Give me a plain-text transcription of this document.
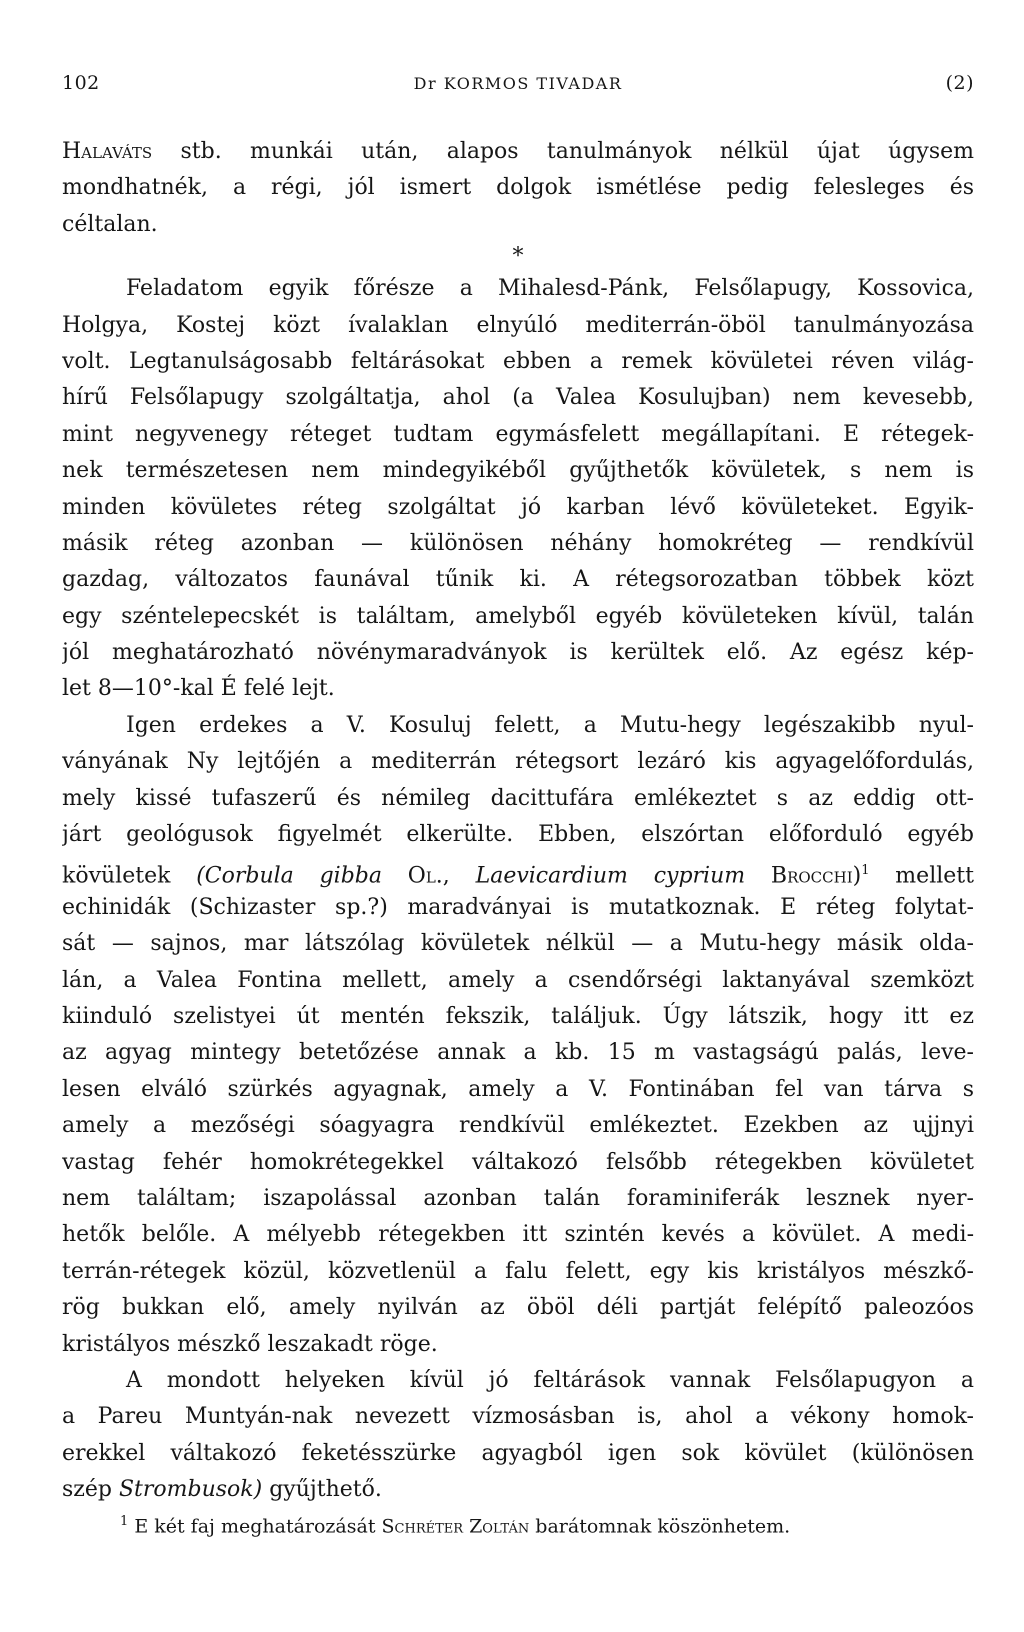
102	Dr KORMOS TIVADAR	(2)
Halaváts stb. munkái után, alapos tanulmányok nélkül újat úgysem
mondhatnék, a régi, jól ismert dolgok ismétlése pedig felesleges és
céltalan.
*
Feladatom egyik főrésze a Mihalesd-Pánk, Felsőlapugy, Kossovica,
Holgya, Kostej közt ívalaklan elnyúló mediterrán-öböl tanulmányozása
volt. Legtanulságosabb feltárásokat ebben a remek kövületei réven világ-
hírű Felsőlapugy szolgáltatja, ahol (a Valea Kosulujban) nem kevesebb,
mint negyvenegy réteget tudtam egymásfelett megállapítani. E rétegek-
nek természetesen nem mindegyikéből gyűjthetők kövületek, s nem is
minden kövületes réteg szolgáltat jó karban lévő kövületeket. Egyik-
másik réteg azonban — különösen néhány homokréteg — rendkívül
gazdag, változatos faunával tűnik ki. A rétegsorozatban többek közt
egy széntelepecskét is találtam, amelyből egyéb kövületeken kívül, talán
jól meghatározható növénymaradványok is kerültek elő. Az egész kép-
let 8—10°-kal É felé lejt.
Igen erdekes a V. Kosuluj felett, a Mutu-hegy legészakibb nyul-
ványának Ny lejtőjén a mediterrán rétegsort lezáró kis agyagelőfordulás,
mely kissé tufaszerű és némileg dacittufára emlékeztet s az eddig ott-
járt geológusok figyelmét elkerülte. Ebben, elszórtan előforduló egyéb
kövületek (Corbula gibba Ol., Laevicardium cyprium Brocchi)$^1$ mellett
echinidák (Schizaster sp.?) maradványai is mutatkoznak. E réteg folytat-
sát — sajnos, mar látszólag kövületek nélkül — a Mutu-hegy másik olda-
lán, a Valea Fontina mellett, amely a csendőrségi laktanyával szemközt
kiinduló szelistyei út mentén fekszik, találjuk. Úgy látszik, hogy itt ez
az agyag mintegy betetőzése annak a kb. 15 m vastagságú palás, leve-
lesen elváló szürkés agyagnak, amely a V. Fontinában fel van tárva s
amely a mezőségi sóagyagra rendkívül emlékeztet. Ezekben az ujjnyi
vastag fehér homokrétegekkel váltakozó felsőbb rétegekben kövületet
nem találtam; iszapolással azonban talán foraminiferák lesznek nyer-
hetők belőle. A mélyebb rétegekben itt szintén kevés a kövület. A medi-
terrán-rétegek közül, közvetlenül a falu felett, egy kis kristályos mészkő-
rög bukkan elő, amely nyilván az öböl déli partját felépítő paleozóos
kristályos mészkő leszakadt röge.
A mondott helyeken kívül jó feltárások vannak Felsőlapugyon a
a Pareu Muntyán-nak nevezett vízmosásban is, ahol a vékony homok-
erekkel váltakozó feketésszürke agyagból igen sok kövület (különösen
szép Strombusok) gyűjthető.
$^1$ E két faj meghatározását Schréter Zoltán barátomnak köszönhetem.
